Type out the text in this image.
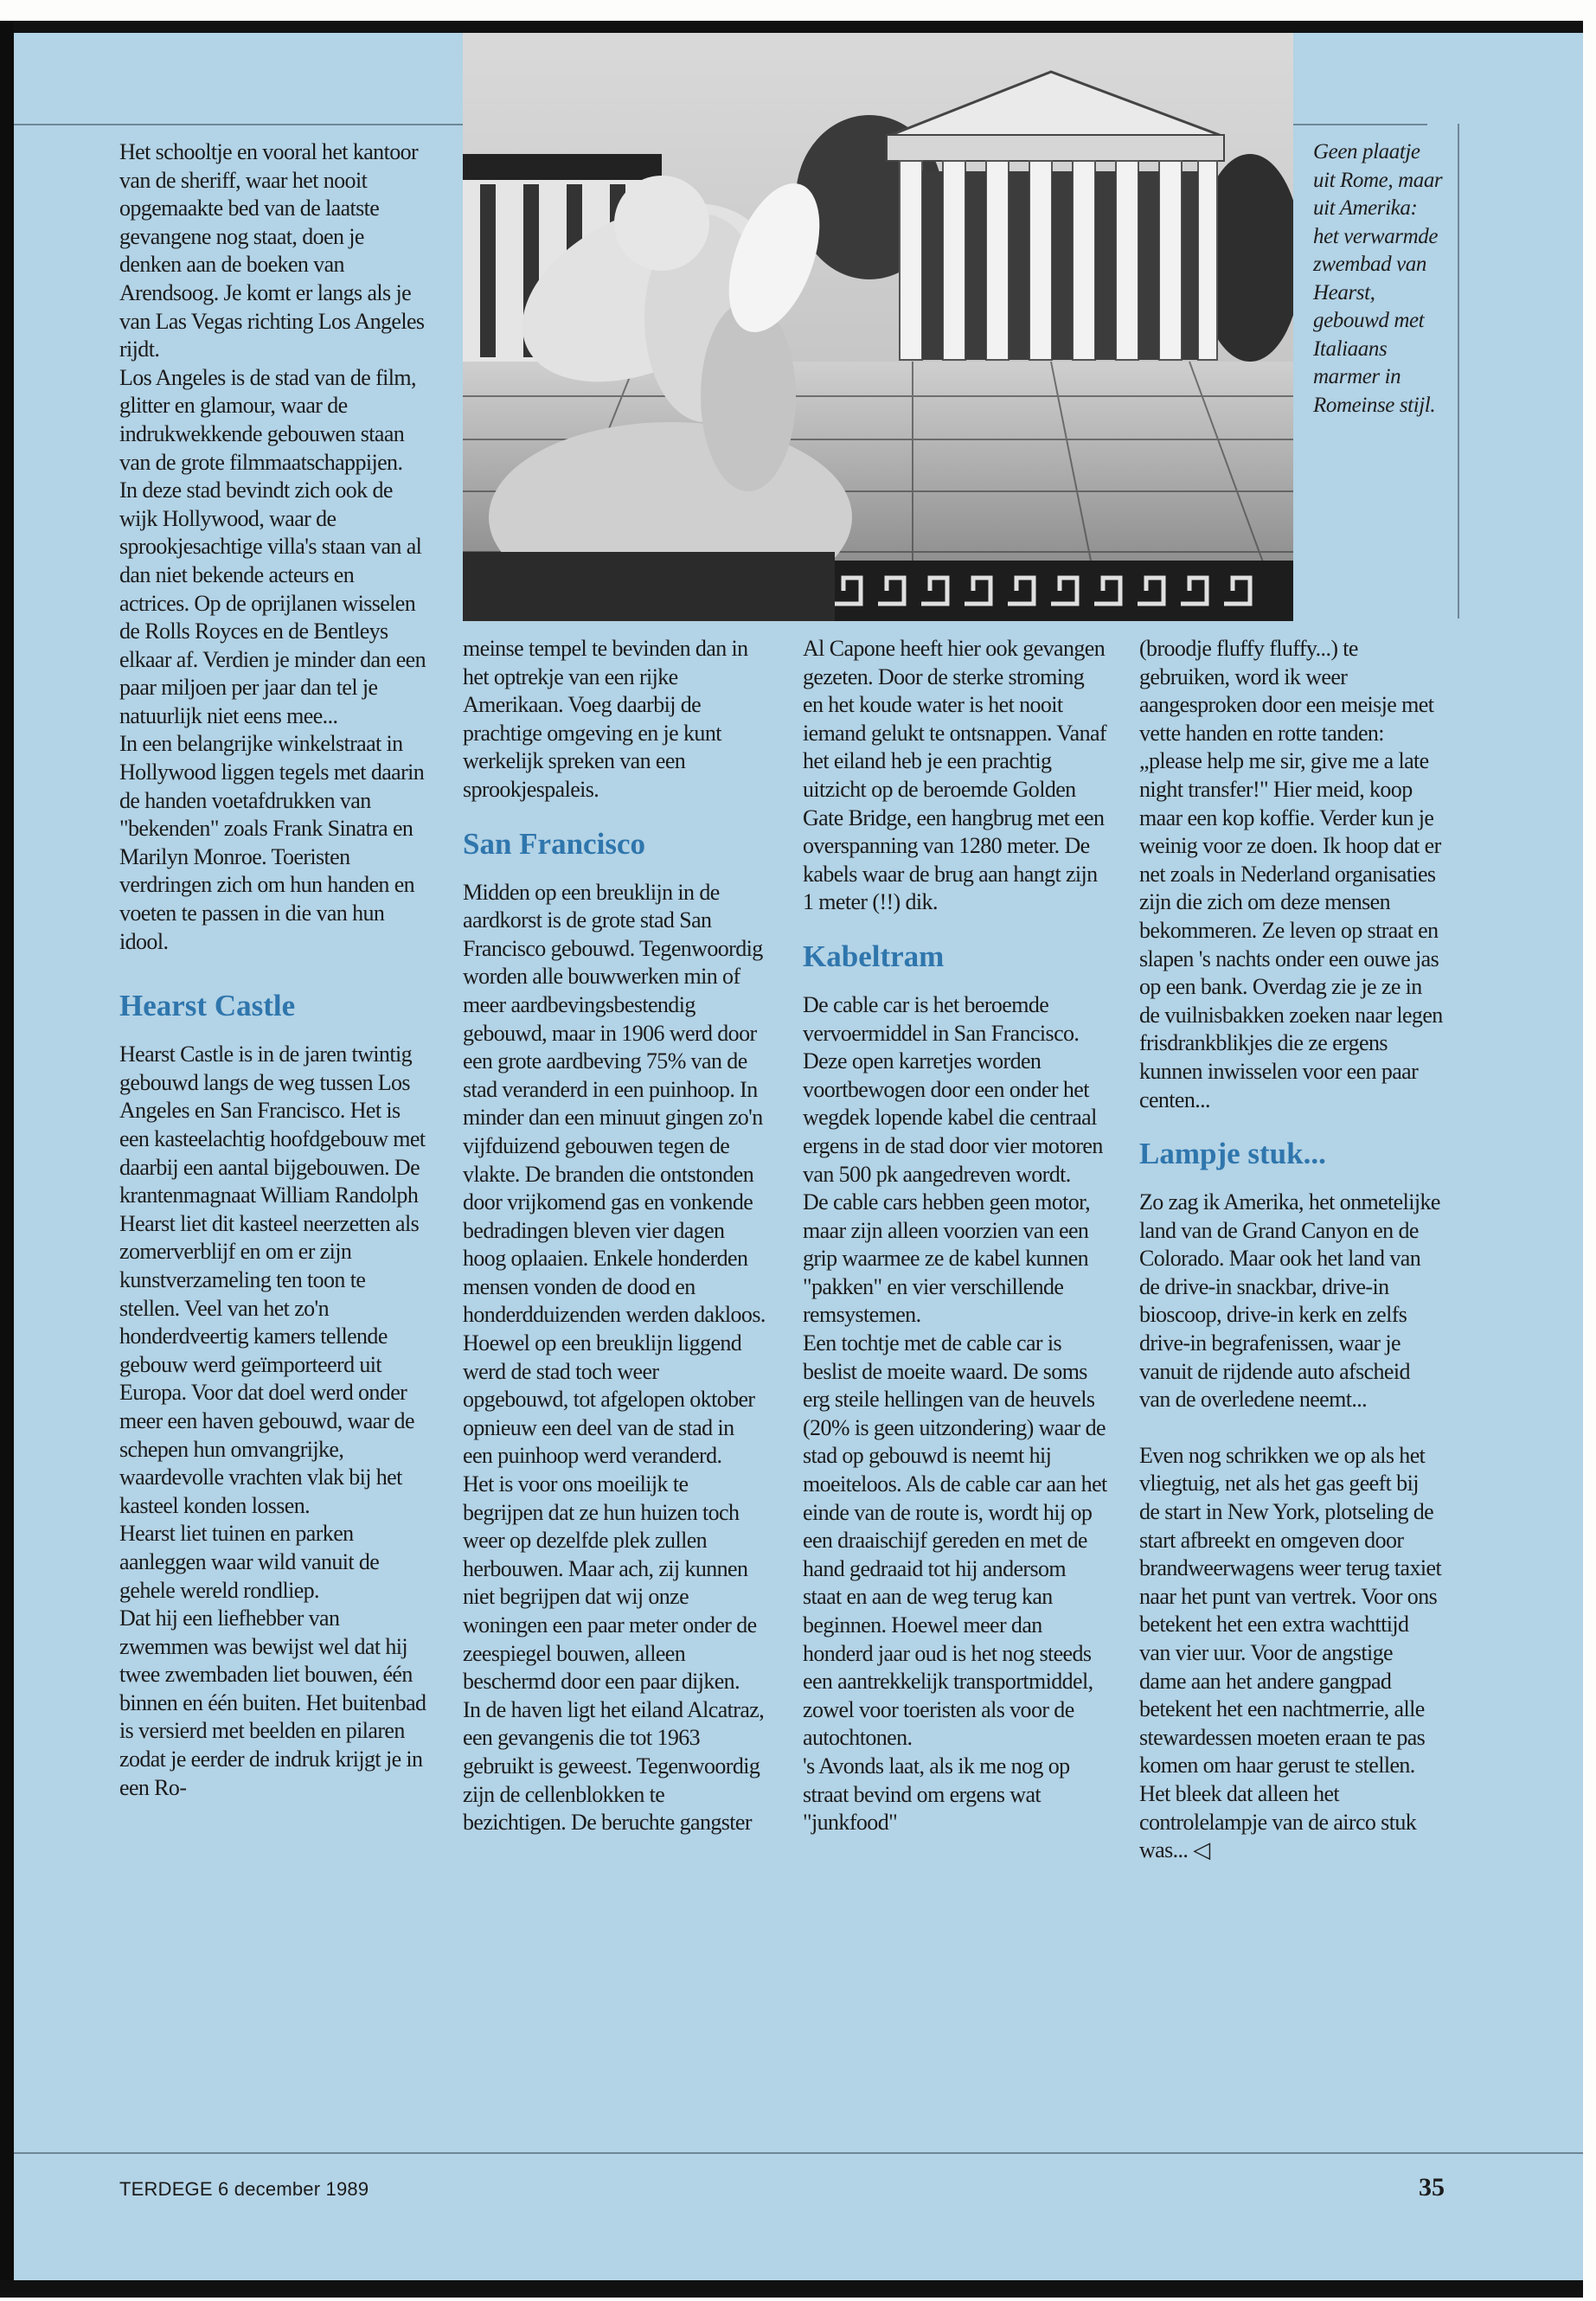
Geen plaatje uit Rome, maar uit Amerika: het verwarmde zwembad van Hearst, gebouwd met Italiaans marmer in Romeinse stijl.

Het schooltje en vooral het kantoor van de sheriff, waar het nooit opgemaakte bed van de laatste gevangene nog staat, doen je denken aan de boeken van Arendsoog. Je komt er langs als je van Las Vegas richting Los Angeles rijdt.

Los Angeles is de stad van de film, glitter en glamour, waar de indrukwekkende gebouwen staan van de grote filmmaatschappijen.

In deze stad bevindt zich ook de wijk Hollywood, waar de sprookjesachtige villa's staan van al dan niet bekende acteurs en actrices. Op de oprijlanen wisselen de Rolls Royces en de Bentleys elkaar af. Verdien je minder dan een paar miljoen per jaar dan tel je natuurlijk niet eens mee...

In een belangrijke winkelstraat in Hollywood liggen tegels met daarin de handen voetafdrukken van "bekenden" zoals Frank Sinatra en Marilyn Monroe. Toeristen verdringen zich om hun handen en voeten te passen in die van hun idool.

Hearst Castle

Hearst Castle is in de jaren twintig gebouwd langs de weg tussen Los Angeles en San Francisco. Het is een kasteelachtig hoofdgebouw met daarbij een aantal bijgebouwen. De krantenmagnaat William Randolph Hearst liet dit kasteel neerzetten als zomerverblijf en om er zijn kunstverzameling ten toon te stellen. Veel van het zo'n honderdveertig kamers tellende gebouw werd geïmporteerd uit Europa. Voor dat doel werd onder meer een haven gebouwd, waar de schepen hun omvangrijke, waardevolle vrachten vlak bij het kasteel konden lossen.

Hearst liet tuinen en parken aanleggen waar wild vanuit de gehele wereld rondliep.

Dat hij een liefhebber van zwemmen was bewijst wel dat hij twee zwembaden liet bouwen, één binnen en één buiten. Het buitenbad is versierd met beelden en pilaren zodat je eerder de indruk krijgt je in een Ro-

meinse tempel te bevinden dan in het optrekje van een rijke Amerikaan. Voeg daarbij de prachtige omgeving en je kunt werkelijk spreken van een sprookjespaleis.

San Francisco

Midden op een breuklijn in de aardkorst is de grote stad San Francisco gebouwd. Tegenwoordig worden alle bouwwerken min of meer aardbevingsbestendig gebouwd, maar in 1906 werd door een grote aardbeving 75% van de stad veranderd in een puinhoop. In minder dan een minuut gingen zo'n vijfduizend gebouwen tegen de vlakte. De branden die ontstonden door vrijkomend gas en vonkende bedradingen bleven vier dagen hoog oplaaien. Enkele honderden mensen vonden de dood en honderdduizenden werden dakloos.

Hoewel op een breuklijn liggend werd de stad toch weer opgebouwd, tot afgelopen oktober opnieuw een deel van de stad in een puinhoop werd veranderd.

Het is voor ons moeilijk te begrijpen dat ze hun huizen toch weer op dezelfde plek zullen herbouwen. Maar ach, zij kunnen niet begrijpen dat wij onze woningen een paar meter onder de zeespiegel bouwen, alleen beschermd door een paar dijken.

In de haven ligt het eiland Alcatraz, een gevangenis die tot 1963 gebruikt is geweest. Tegenwoordig zijn de cellenblokken te bezichtigen. De beruchte gangster

Al Capone heeft hier ook gevangen gezeten. Door de sterke stroming en het koude water is het nooit iemand gelukt te ontsnappen. Vanaf het eiland heb je een prachtig uitzicht op de beroemde Golden Gate Bridge, een hangbrug met een overspanning van 1280 meter. De kabels waar de brug aan hangt zijn 1 meter (!!) dik.

Kabeltram

De cable car is het beroemde vervoermiddel in San Francisco. Deze open karretjes worden voortbewogen door een onder het wegdek lopende kabel die centraal ergens in de stad door vier motoren van 500 pk aangedreven wordt.

De cable cars hebben geen motor, maar zijn alleen voorzien van een grip waarmee ze de kabel kunnen "pakken" en vier verschillende remsystemen.

Een tochtje met de cable car is beslist de moeite waard. De soms erg steile hellingen van de heuvels (20% is geen uitzondering) waar de stad op gebouwd is neemt hij moeiteloos. Als de cable car aan het einde van de route is, wordt hij op een draaischijf gereden en met de hand gedraaid tot hij andersom staat en aan de weg terug kan beginnen. Hoewel meer dan honderd jaar oud is het nog steeds een aantrekkelijk transportmiddel, zowel voor toeristen als voor de autochtonen.

's Avonds laat, als ik me nog op straat bevind om ergens wat "junkfood"

(broodje fluffy fluffy...) te gebruiken, word ik weer aangesproken door een meisje met vette handen en rotte tanden: „please help me sir, give me a late night transfer!" Hier meid, koop maar een kop koffie. Verder kun je weinig voor ze doen. Ik hoop dat er net zoals in Nederland organisaties zijn die zich om deze mensen bekommeren. Ze leven op straat en slapen 's nachts onder een ouwe jas op een bank. Overdag zie je ze in de vuilnisbakken zoeken naar legen frisdrankblikjes die ze ergens kunnen inwisselen voor een paar centen...

Lampje stuk...

Zo zag ik Amerika, het onmetelijke land van de Grand Canyon en de Colorado. Maar ook het land van de drive-in snackbar, drive-in bioscoop, drive-in kerk en zelfs drive-in begrafenissen, waar je vanuit de rijdende auto afscheid van de overledene neemt...

Even nog schrikken we op als het vliegtuig, net als het gas geeft bij de start in New York, plotseling de start afbreekt en omgeven door brandweerwagens weer terug taxiet naar het punt van vertrek. Voor ons betekent het een extra wachttijd van vier uur. Voor de angstige dame aan het andere gangpad betekent het een nachtmerrie, alle stewardessen moeten eraan te pas komen om haar gerust te stellen. Het bleek dat alleen het controlelampje van de airco stuk was... ◁

TERDEGE 6 december 1989	35
